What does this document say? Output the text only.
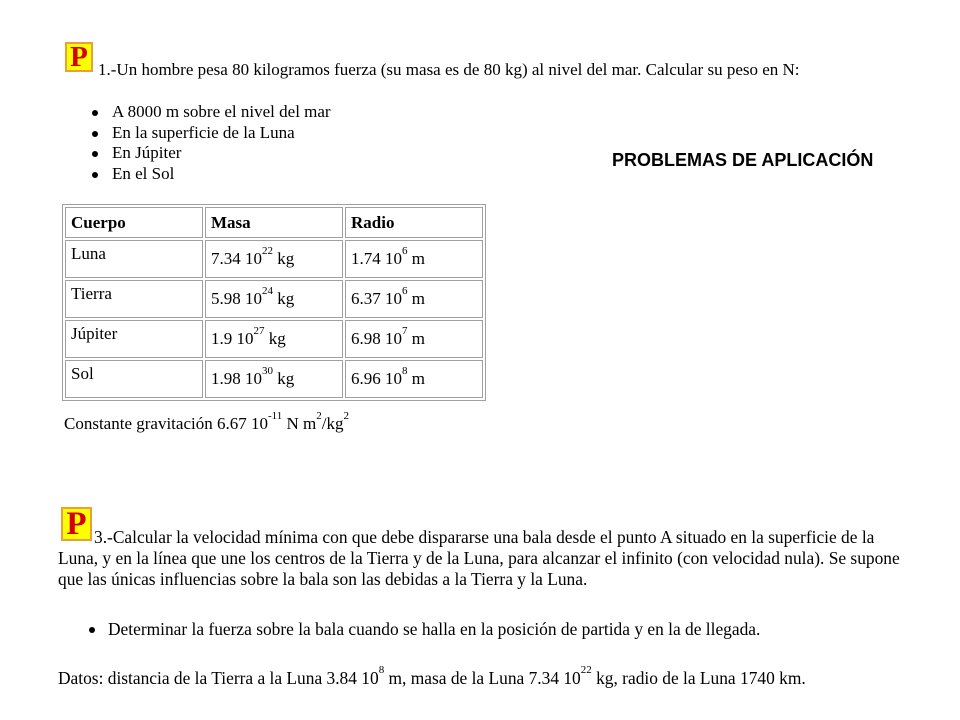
P 1.-Un hombre pesa 80 kilogramos fuerza (su masa es de 80 kg) al nivel del mar. Calcular su peso en N:
A 8000 m sobre el nivel del mar
En la superficie de la Luna
En Júpiter
En el Sol
PROBLEMAS DE APLICACIÓN
Cuerpo	Masa	Radio
Luna	7.34 $10^{22}$ kg	1.74 $10^6$ m
Tierra	5.98 $10^{24}$ kg	6.37 $10^6$ m
Júpiter	1.9 $10^{27}$ kg	6.98 $10^7$ m
Sol	1.98 $10^{30}$ kg	6.96 $10^8$ m
Constante gravitación 6.67 $10^{-11}$ N $m^2/kg^2$
P 3.-Calcular la velocidad mínima con que debe dispararse una bala desde el punto A situado en la superficie de la Luna, y en la línea que une los centros de la Tierra y de la Luna, para alcanzar el infinito (con velocidad nula). Se supone que las únicas influencias sobre la bala son las debidas a la Tierra y la Luna.
Determinar la fuerza sobre la bala cuando se halla en la posición de partida y en la de llegada.
Datos: distancia de la Tierra a la Luna 3.84 $10^8$ m, masa de la Luna 7.34 $10^{22}$ kg, radio de la Luna 1740 km.
